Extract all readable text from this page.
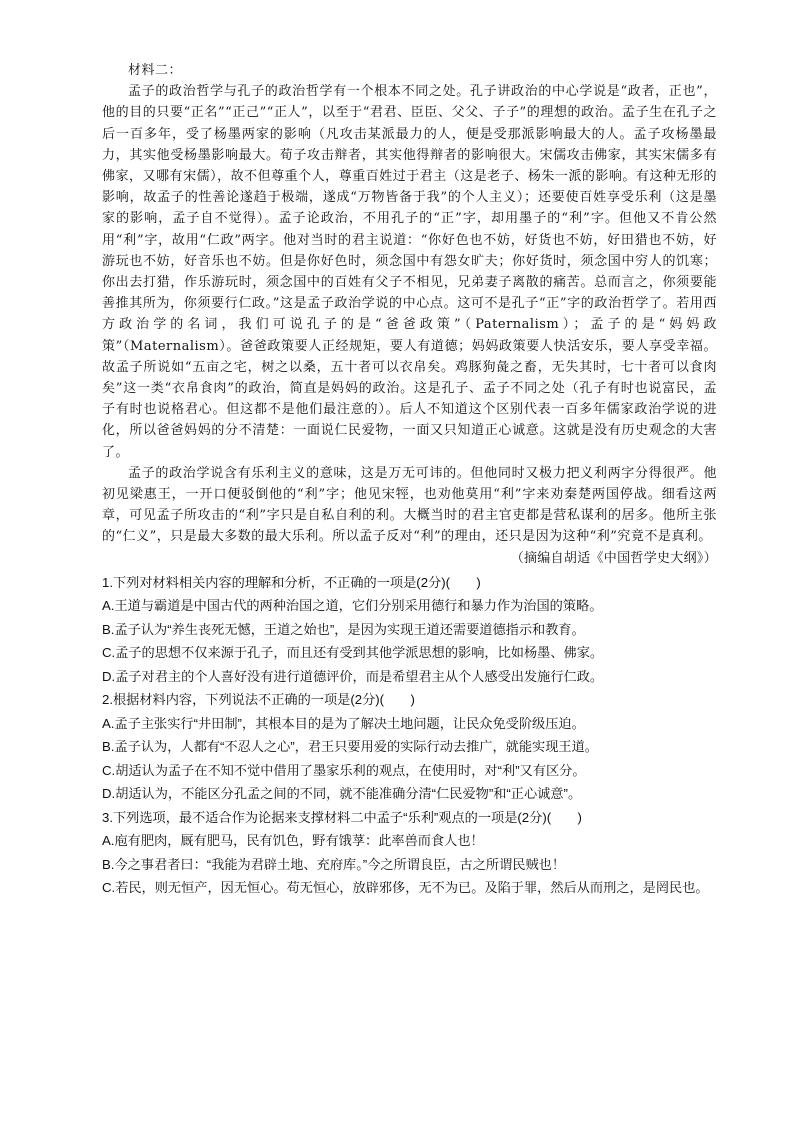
材料二：

孟子的政治哲学与孔子的政治哲学有一个根本不同之处。孔子讲政治的中心学说是“政者，正也”，他的目的只要“正名”“正己”“正人”，以至于“君君、臣臣、父父、子子”的理想的政治。孟子生在孔子之后一百多年，受了杨墨两家的影响（凡攻击某派最力的人，便是受那派影响最大的人。孟子攻杨墨最力，其实他受杨墨影响最大。荀子攻击辩者，其实他得辩者的影响很大。宋儒攻击佛家，其实宋儒多有佛家，又哪有宋儒），故不但尊重个人，尊重百姓过于君主（这是老子、杨朱一派的影响。有这种无形的影响，故孟子的性善论遂趋于极端，遂成“万物皆备于我”的个人主义）；还要使百姓享受乐利（这是墨家的影响，孟子自不觉得）。孟子论政治，不用孔子的“正”字，却用墨子的“利”字。但他又不肯公然用“利”字，故用“仁政”两字。他对当时的君主说道：“你好色也不妨，好货也不妨，好田猎也不妨，好游玩也不妨，好音乐也不妨。但是你好色时，须念国中有怨女旷夫；你好货时，须念国中穷人的饥寒；你出去打猎，作乐游玩时，须念国中的百姓有父子不相见，兄弟妻子离散的痛苦。总而言之，你须要能善推其所为，你须要行仁政。”这是孟子政治学说的中心点。这可不是孔子“正”字的政治哲学了。若用西方政治学的名词，我们可说孔子的是“爸爸政策”（Paternalism）；孟子的是“妈妈政策”（Maternalism）。爸爸政策要人正经规矩，要人有道德；妈妈政策要人快活安乐，要人享受幸福。故孟子所说如“五亩之宅，树之以桑，五十者可以衣帛矣。鸡豚狗彘之畜，无失其时，七十者可以食肉矣”这一类“衣帛食肉”的政治，简直是妈妈的政治。这是孔子、孟子不同之处（孔子有时也说富民，孟子有时也说格君心。但这都不是他们最注意的）。后人不知道这个区别代表一百多年儒家政治学说的进化，所以爸爸妈妈的分不清楚：一面说仁民爱物，一面又只知道正心诚意。这就是没有历史观念的大害了。

孟子的政治学说含有乐利主义的意味，这是万无可讳的。但他同时又极力把义利两字分得很严。他初见梁惠王，一开口便驳倒他的“利”字；他见宋牼，也劝他莫用“利”字来劝秦楚两国停战。细看这两章，可见孟子所攻击的“利”字只是自私自利的利。大概当时的君主官吏都是营私谋利的居多。他所主张的“仁义”，只是最大多数的最大乐利。所以孟子反对“利”的理由，还只是因为这种“利”究竟不是真利。

（摘编自胡适《中国哲学史大纲》）

1.下列对材料相关内容的理解和分析，不正确的一项是(2分)(　　)

A.王道与霸道是中国古代的两种治国之道，它们分别采用德行和暴力作为治国的策略。

B.孟子认为“养生丧死无憾，王道之始也”，是因为实现王道还需要道德指示和教育。

C.孟子的思想不仅来源于孔子，而且还有受到其他学派思想的影响，比如杨墨、佛家。

D.孟子对君主的个人喜好没有进行道德评价，而是希望君主从个人感受出发施行仁政。

2.根据材料内容，下列说法不正确的一项是(2分)(　　)

A.孟子主张实行“井田制”，其根本目的是为了解决土地问题，让民众免受阶级压迫。

B.孟子认为，人都有“不忍人之心”，君王只要用爱的实际行动去推广，就能实现王道。

C.胡适认为孟子在不知不觉中借用了墨家乐利的观点，在使用时，对“利”又有区分。

D.胡适认为，不能区分孔孟之间的不同，就不能准确分清“仁民爱物”和“正心诚意”。

3.下列选项，最不适合作为论据来支撑材料二中孟子“乐利”观点的一项是(2分)(　　)

A.庖有肥肉，厩有肥马，民有饥色，野有饿莩：此率兽而食人也！

B.今之事君者曰：“我能为君辟土地、充府库。”今之所谓良臣，古之所谓民贼也！

C.若民，则无恒产，因无恒心。苟无恒心，放辟邪侈，无不为已。及陷于罪，然后从而刑之，是罔民也。
